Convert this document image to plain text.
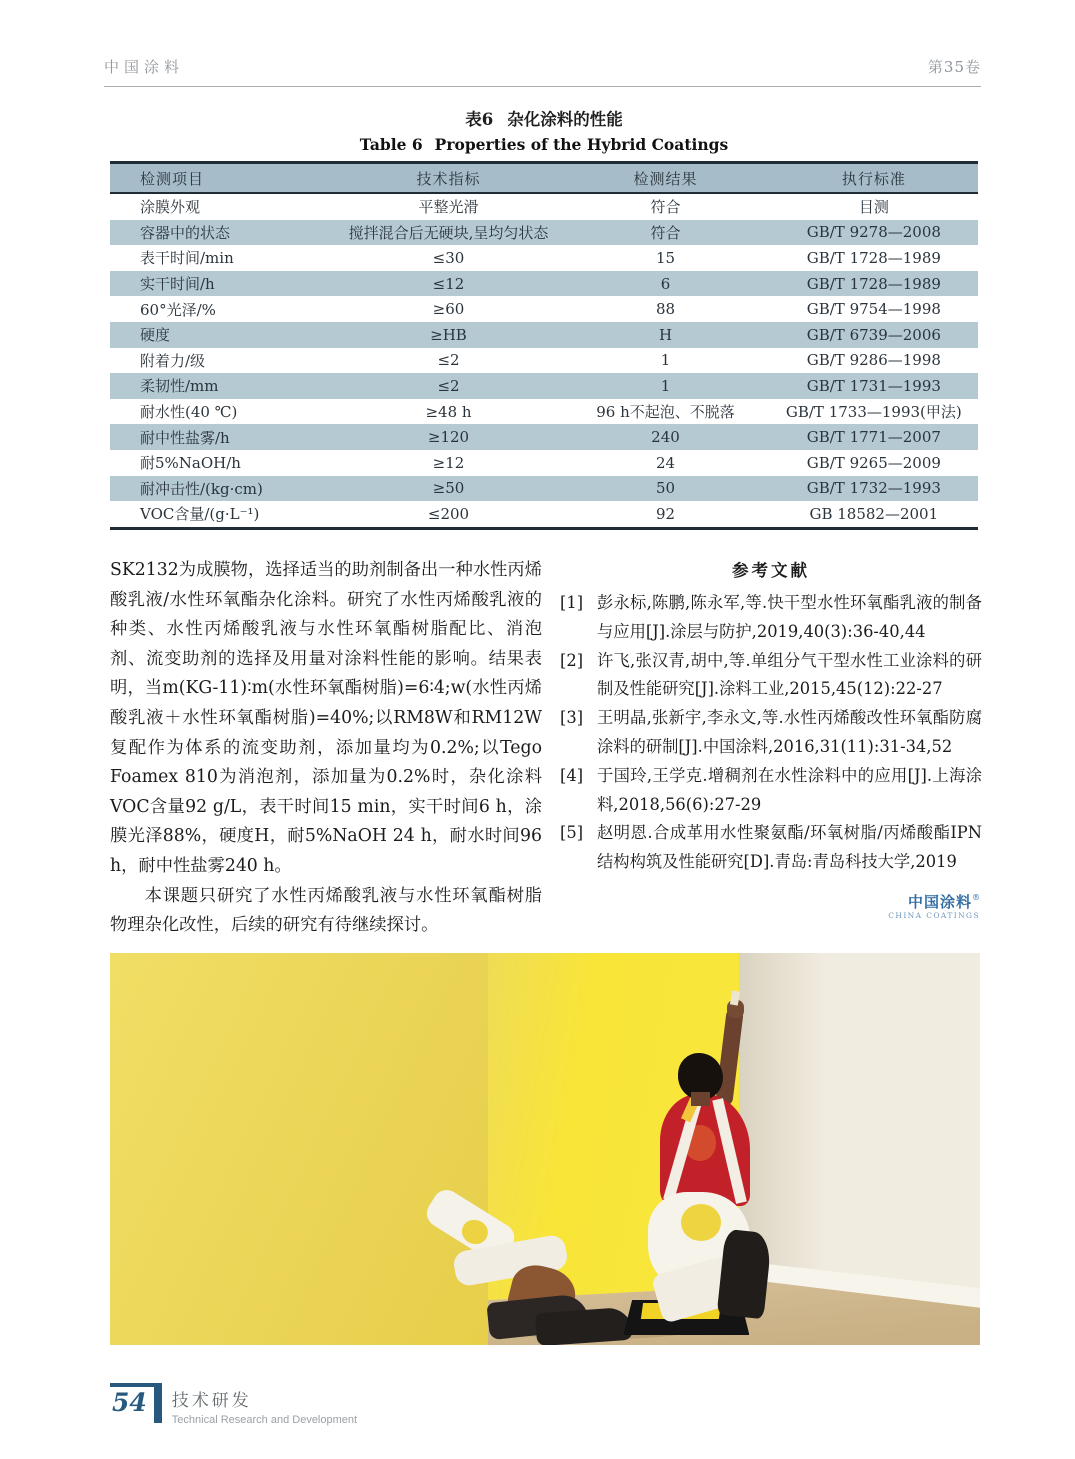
中国涂料	第35卷
表6 杂化涂料的性能
Table 6 Properties of the Hybrid Coatings
检测项目	技术指标	检测结果	执行标准
涂膜外观	平整光滑	符合	目测
容器中的状态	搅拌混合后无硬块,呈均匀状态	符合	GB/T 9278—2008
表干时间/min	≤30	15	GB/T 1728—1989
实干时间/h	≤12	6	GB/T 1728—1989
60°光泽/%	≥60	88	GB/T 9754—1998
硬度	≥HB	H	GB/T 6739—2006
附着力/级	≤2	1	GB/T 9286—1998
柔韧性/mm	≤2	1	GB/T 1731—1993
耐水性(40 ℃)	≥48 h	96 h不起泡、不脱落	GB/T 1733—1993(甲法)
耐中性盐雾/h	≥120	240	GB/T 1771—2007
耐5%NaOH/h	≥12	24	GB/T 9265—2009
耐冲击性/(kg·cm)	≥50	50	GB/T 1732—1993
VOC含量/(g·L⁻¹)	≤200	92	GB 18582—2001

SK2132为成膜物，选择适当的助剂制备出一种水性丙烯酸乳液/水性环氧酯杂化涂料。研究了水性丙烯酸乳液的种类、水性丙烯酸乳液与水性环氧酯树脂配比、消泡剂、流变助剂的选择及用量对涂料性能的影响。结果表明，当m(KG-11)∶m(水性环氧酯树脂)=6∶4;w(水性丙烯酸乳液＋水性环氧酯树脂)=40%;以RM8W和RM12W复配作为体系的流变助剂，添加量均为0.2%;以Tego Foamex 810为消泡剂，添加量为0.2%时，杂化涂料VOC含量92 g/L，表干时间15 min，实干时间6 h，涂膜光泽88%，硬度H，耐5%NaOH 24 h，耐水时间96 h，耐中性盐雾240 h。

本课题只研究了水性丙烯酸乳液与水性环氧酯树脂物理杂化改性，后续的研究有待继续探讨。

参考文献
[1] 彭永标,陈鹏,陈永军,等.快干型水性环氧酯乳液的制备与应用[J].涂层与防护,2019,40(3):36-40,44
[2] 许飞,张汉青,胡中,等.单组分气干型水性工业涂料的研制及性能研究[J].涂料工业,2015,45(12):22-27
[3] 王明晶,张新宇,李永文,等.水性丙烯酸改性环氧酯防腐涂料的研制[J].中国涂料,2016,31(11):31-34,52
[4] 于国玲,王学克.增稠剂在水性涂料中的应用[J].上海涂料,2018,56(6):27-29
[5] 赵明恩.合成革用水性聚氨酯/环氧树脂/丙烯酸酯IPN结构构筑及性能研究[D].青岛:青岛科技大学,2019
中国涂料®
CHINA COATINGS
54	技术研发
Technical Research and Development
